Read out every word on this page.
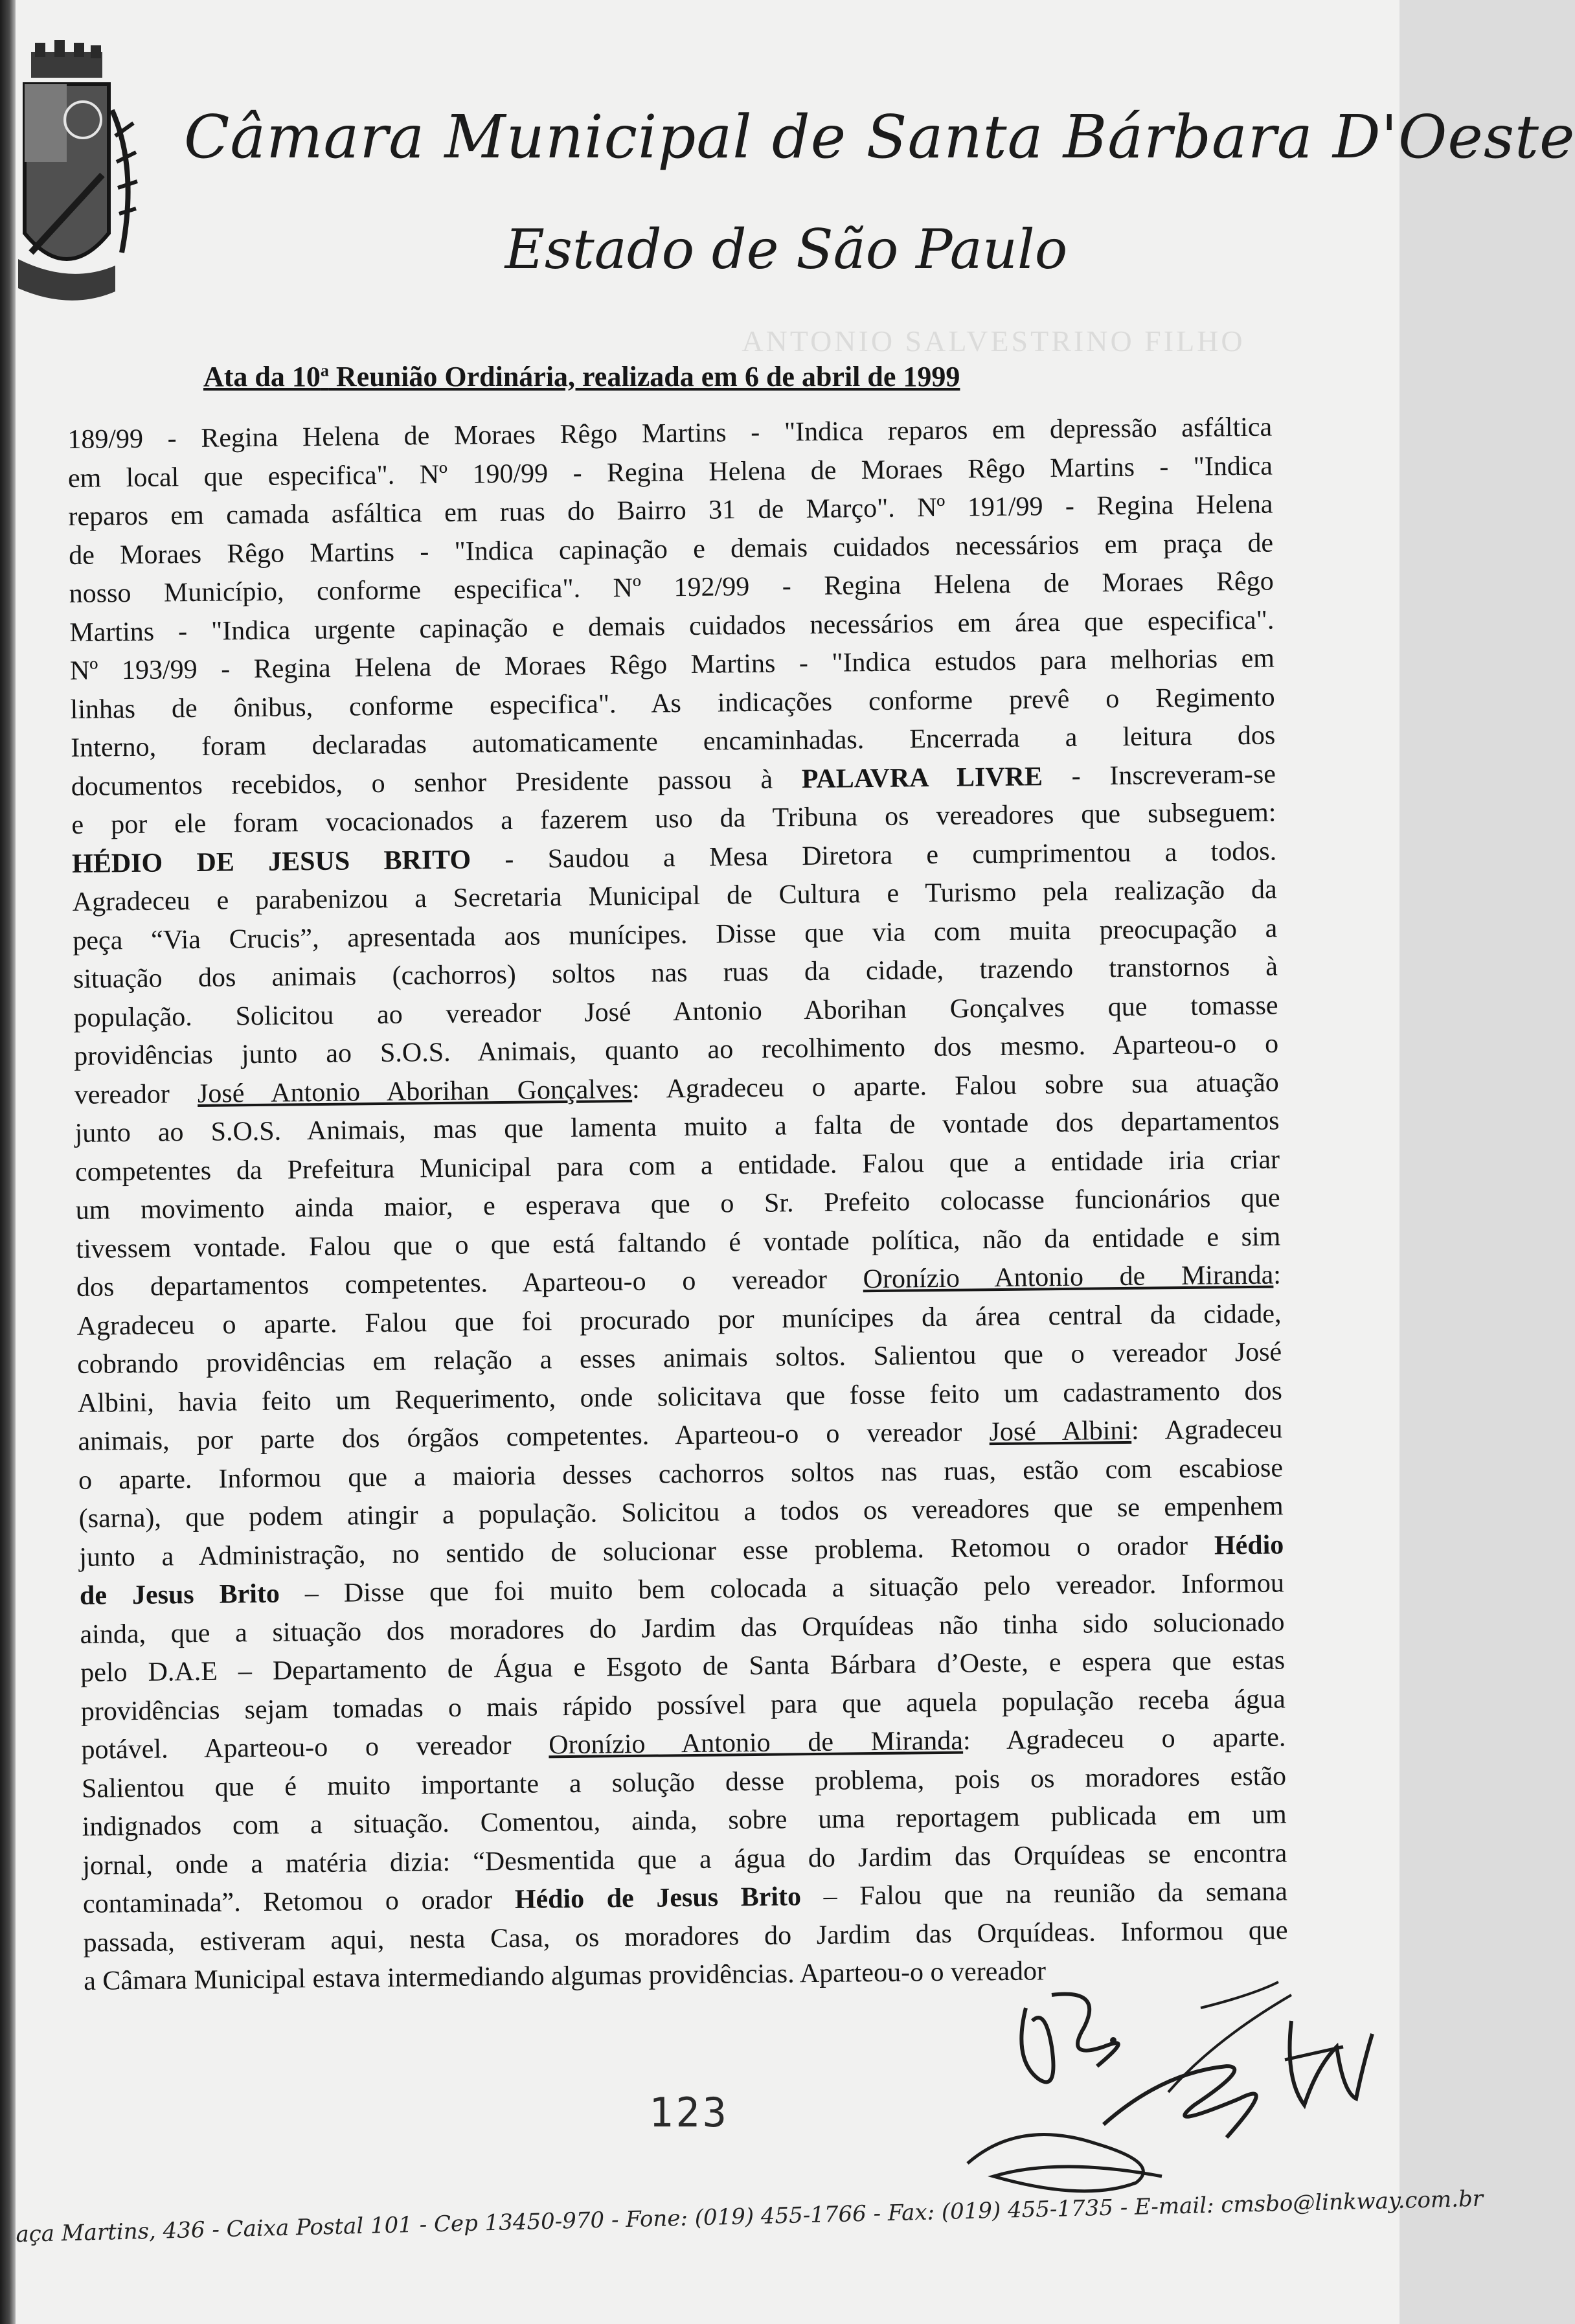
Câmara Municipal de Santa Bárbara D'Oeste
Estado de São Paulo
ANTONIO SALVESTRINO FILHO
Ata da 10$^a$ Reunião Ordinária, realizada em 6 de abril de 1999
189/99 - Regina Helena de Moraes Rêgo Martins - "Indica reparos em depressão asfáltica
em local que especifica". Nº 190/99 - Regina Helena de Moraes Rêgo Martins - "Indica
reparos em camada asfáltica em ruas do Bairro 31 de Março". Nº 191/99 - Regina Helena
de Moraes Rêgo Martins - "Indica capinação e demais cuidados necessários em praça de
nosso Município, conforme especifica". Nº 192/99 - Regina Helena de Moraes Rêgo
Martins - "Indica urgente capinação e demais cuidados necessários em área que especifica".
Nº 193/99 - Regina Helena de Moraes Rêgo Martins - "Indica estudos para melhorias em
linhas de ônibus, conforme especifica". As indicações conforme prevê o Regimento
Interno, foram declaradas automaticamente encaminhadas. Encerrada a leitura dos
documentos recebidos, o senhor Presidente passou à PALAVRA LIVRE - Inscreveram-se
e por ele foram vocacionados a fazerem uso da Tribuna os vereadores que subseguem:
HÉDIO DE JESUS BRITO - Saudou a Mesa Diretora e cumprimentou a todos.
Agradeceu e parabenizou a Secretaria Municipal de Cultura e Turismo pela realização da
peça “Via Crucis”, apresentada aos munícipes. Disse que via com muita preocupação a
situação dos animais (cachorros) soltos nas ruas da cidade, trazendo transtornos à
população. Solicitou ao vereador José Antonio Aborihan Gonçalves que tomasse
providências junto ao S.O.S. Animais, quanto ao recolhimento dos mesmo. Aparteou-o o
vereador José Antonio Aborihan Gonçalves: Agradeceu o aparte. Falou sobre sua atuação
junto ao S.O.S. Animais, mas que lamenta muito a falta de vontade dos departamentos
competentes da Prefeitura Municipal para com a entidade. Falou que a entidade iria criar
um movimento ainda maior, e esperava que o Sr. Prefeito colocasse funcionários que
tivessem vontade. Falou que o que está faltando é vontade política, não da entidade e sim
dos departamentos competentes. Aparteou-o o vereador Oronízio Antonio de Miranda:
Agradeceu o aparte. Falou que foi procurado por munícipes da área central da cidade,
cobrando providências em relação a esses animais soltos. Salientou que o vereador José
Albini, havia feito um Requerimento, onde solicitava que fosse feito um cadastramento dos
animais, por parte dos órgãos competentes. Aparteou-o o vereador José Albini: Agradeceu
o aparte. Informou que a maioria desses cachorros soltos nas ruas, estão com escabiose
(sarna), que podem atingir a população. Solicitou a todos os vereadores que se empenhem
junto a Administração, no sentido de solucionar esse problema. Retomou o orador Hédio
de Jesus Brito – Disse que foi muito bem colocada a situação pelo vereador. Informou
ainda, que a situação dos moradores do Jardim das Orquídeas não tinha sido solucionado
pelo D.A.E – Departamento de Água e Esgoto de Santa Bárbara d’Oeste, e espera que estas
providências sejam tomadas o mais rápido possível para que aquela população receba água
potável. Aparteou-o o vereador Oronízio Antonio de Miranda: Agradeceu o aparte.
Salientou que é muito importante a solução desse problema, pois os moradores estão
indignados com a situação. Comentou, ainda, sobre uma reportagem publicada em um
jornal, onde a matéria dizia: “Desmentida que a água do Jardim das Orquídeas se encontra
contaminada”. Retomou o orador Hédio de Jesus Brito – Falou que na reunião da semana
passada, estiveram aqui, nesta Casa, os moradores do Jardim das Orquídeas. Informou que
a Câmara Municipal estava intermediando algumas providências. Aparteou-o o vereador
123
aça Martins, 436 - Caixa Postal 101 - Cep 13450-970 - Fone: (019) 455-1766 - Fax: (019) 455-1735 - E-mail: cmsbo@linkway.com.br
